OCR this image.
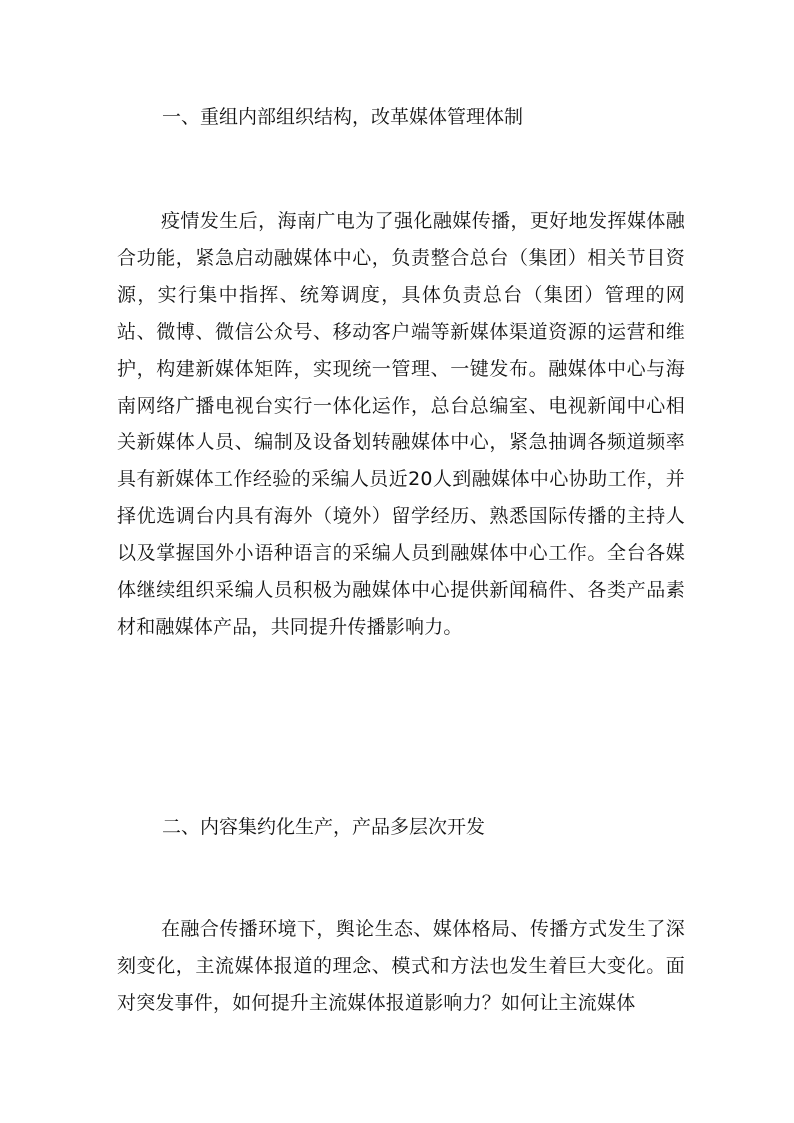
一、重组内部组织结构，改革媒体管理体制

疫情发生后，海南广电为了强化融媒传播，更好地发挥媒体融合功能，紧急启动融媒体中心，负责整合总台（集团）相关节目资源，实行集中指挥、统筹调度，具体负责总台（集团）管理的网站、微博、微信公众号、移动客户端等新媒体渠道资源的运营和维护，构建新媒体矩阵，实现统一管理、一键发布。融媒体中心与海南网络广播电视台实行一体化运作，总台总编室、电视新闻中心相关新媒体人员、编制及设备划转融媒体中心，紧急抽调各频道频率具有新媒体工作经验的采编人员近20人到融媒体中心协助工作，并择优选调台内具有海外（境外）留学经历、熟悉国际传播的主持人以及掌握国外小语种语言的采编人员到融媒体中心工作。全台各媒体继续组织采编人员积极为融媒体中心提供新闻稿件、各类产品素材和融媒体产品，共同提升传播影响力。

二、内容集约化生产，产品多层次开发

在融合传播环境下，舆论生态、媒体格局、传播方式发生了深刻变化，主流媒体报道的理念、模式和方法也发生着巨大变化。面对突发事件，如何提升主流媒体报道影响力？如何让主流媒体
